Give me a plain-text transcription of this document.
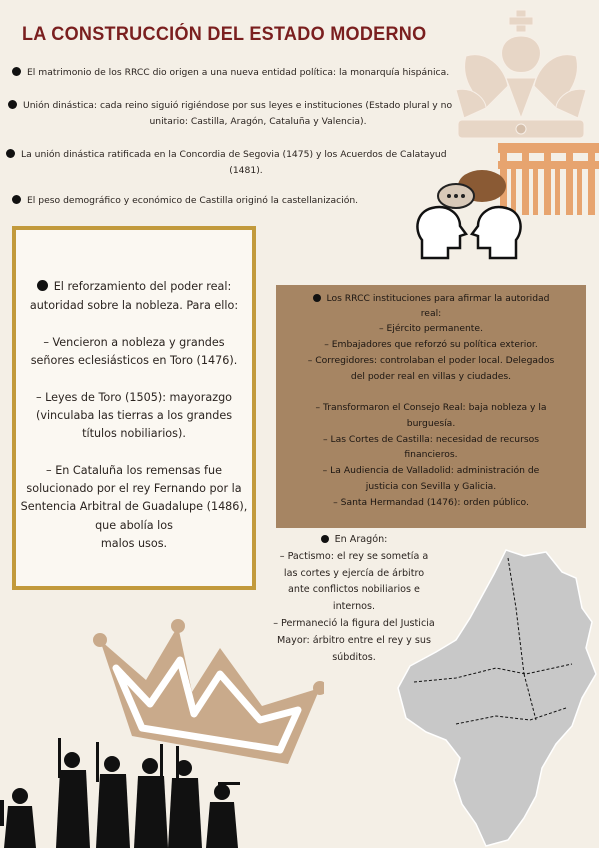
LA CONSTRUCCIÓN DEL ESTADO MODERNO
El matrimonio de los RRCC dio origen a una nueva entidad política: la monarquía hispánica.
Unión dinástica: cada reino siguió rigiéndose por sus leyes e instituciones (Estado plural y no
unitario: Castilla, Aragón, Cataluña y Valencia).
La unión dinástica ratificada en la Concordia de Segovia (1475) y los Acuerdos de Calatayud
(1481).
El peso demográfico y económico de Castilla originó la castellanización.
El reforzamiento del poder real:
autoridad sobre la nobleza. Para ello:
– Vencieron a nobleza y grandes
señores eclesiásticos en Toro (1476).
– Leyes de Toro (1505): mayorazgo
(vinculaba las tierras a los grandes
títulos nobiliarios).
– En Cataluña los remensas fue
solucionado por el rey Fernando por la
Sentencia Arbitral de Guadalupe (1486),
que abolía los
malos usos.
Los RRCC instituciones para afirmar la autoridad
real:
– Ejército permanente.
– Embajadores que reforzó su política exterior.
– Corregidores: controlaban el poder local. Delegados
del poder real en villas y ciudades.
– Transformaron el Consejo Real: baja nobleza y la
burguesía.
– Las Cortes de Castilla: necesidad de recursos
financieros.
– La Audiencia de Valladolid: administración de
justicia con Sevilla y Galicia.
– Santa Hermandad (1476): orden público.
En Aragón:
– Pactismo: el rey se sometía a
las cortes y ejercía de árbitro
ante conflictos nobiliarios e
internos.
– Permaneció la figura del Justicia
Mayor: árbitro entre el rey y sus
súbditos.
